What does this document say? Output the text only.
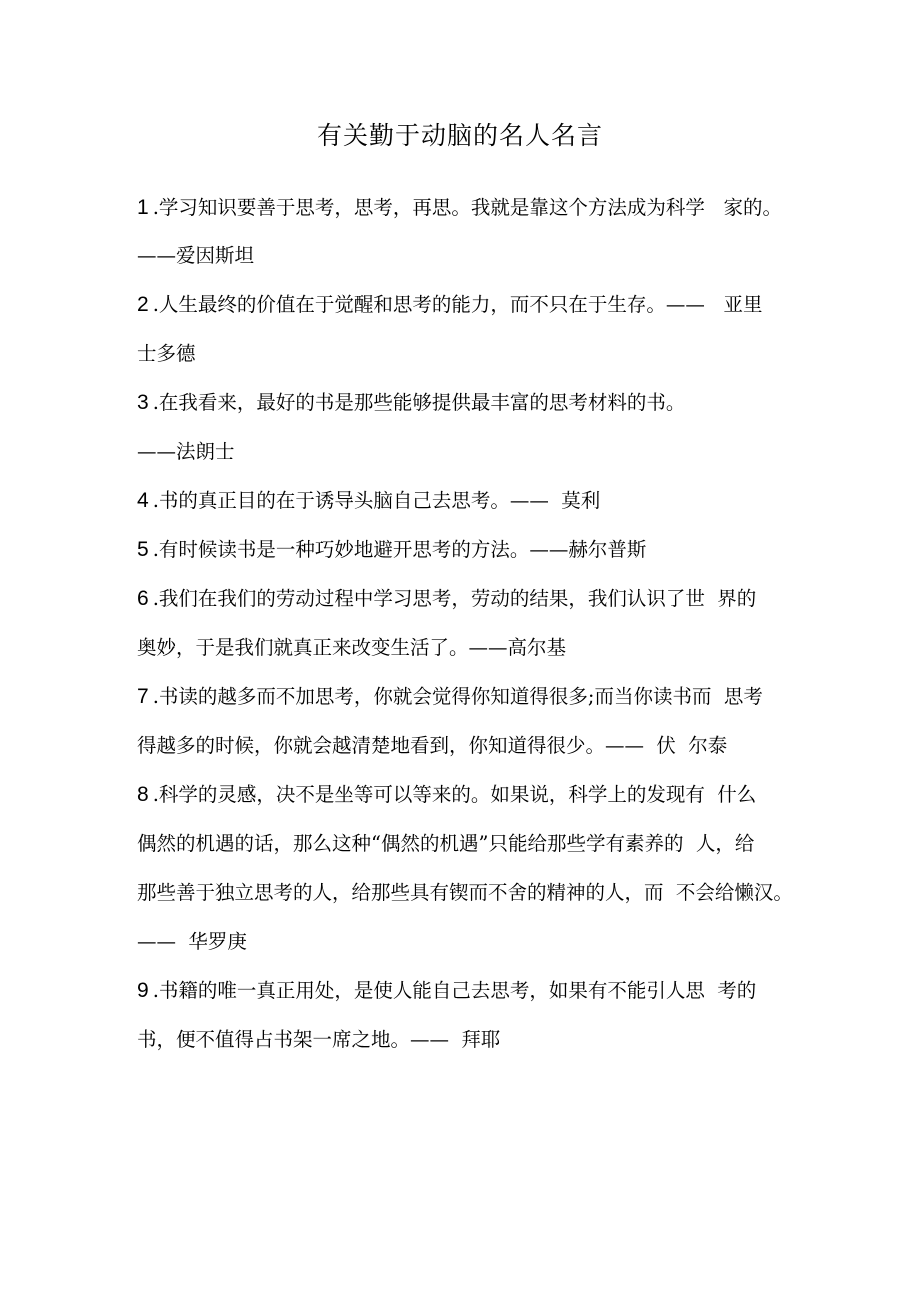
有关勤于动脑的名人名言
1 .学习知识要善于思考，思考，再思。我就是靠这个方法成为科学   家的。
——爱因斯坦
2 .人生最终的价值在于觉醒和思考的能力，而不只在于生存。——   亚里
士多德
3 .在我看来，最好的书是那些能够提供最丰富的思考材料的书。
——法朗士
4 .书的真正目的在于诱导头脑自己去思考。——  莫利
5 .有时候读书是一种巧妙地避开思考的方法。——赫尔普斯
6 .我们在我们的劳动过程中学习思考，劳动的结果，我们认识了世  界的
奥妙，于是我们就真正来改变生活了。——高尔基
7 .书读的越多而不加思考，你就会觉得你知道得很多;而当你读书而  思考
得越多的时候，你就会越清楚地看到，你知道得很少。——  伏  尔泰
8 .科学的灵感，决不是坐等可以等来的。如果说，科学上的发现有  什么
偶然的机遇的话，那么这种“偶然的机遇”只能给那些学有素养的  人，给
那些善于独立思考的人，给那些具有锲而不舍的精神的人，而  不会给懒汉。
——  华罗庚
9 .书籍的唯一真正用处，是使人能自己去思考，如果有不能引人思  考的
书，便不值得占书架一席之地。——  拜耶
